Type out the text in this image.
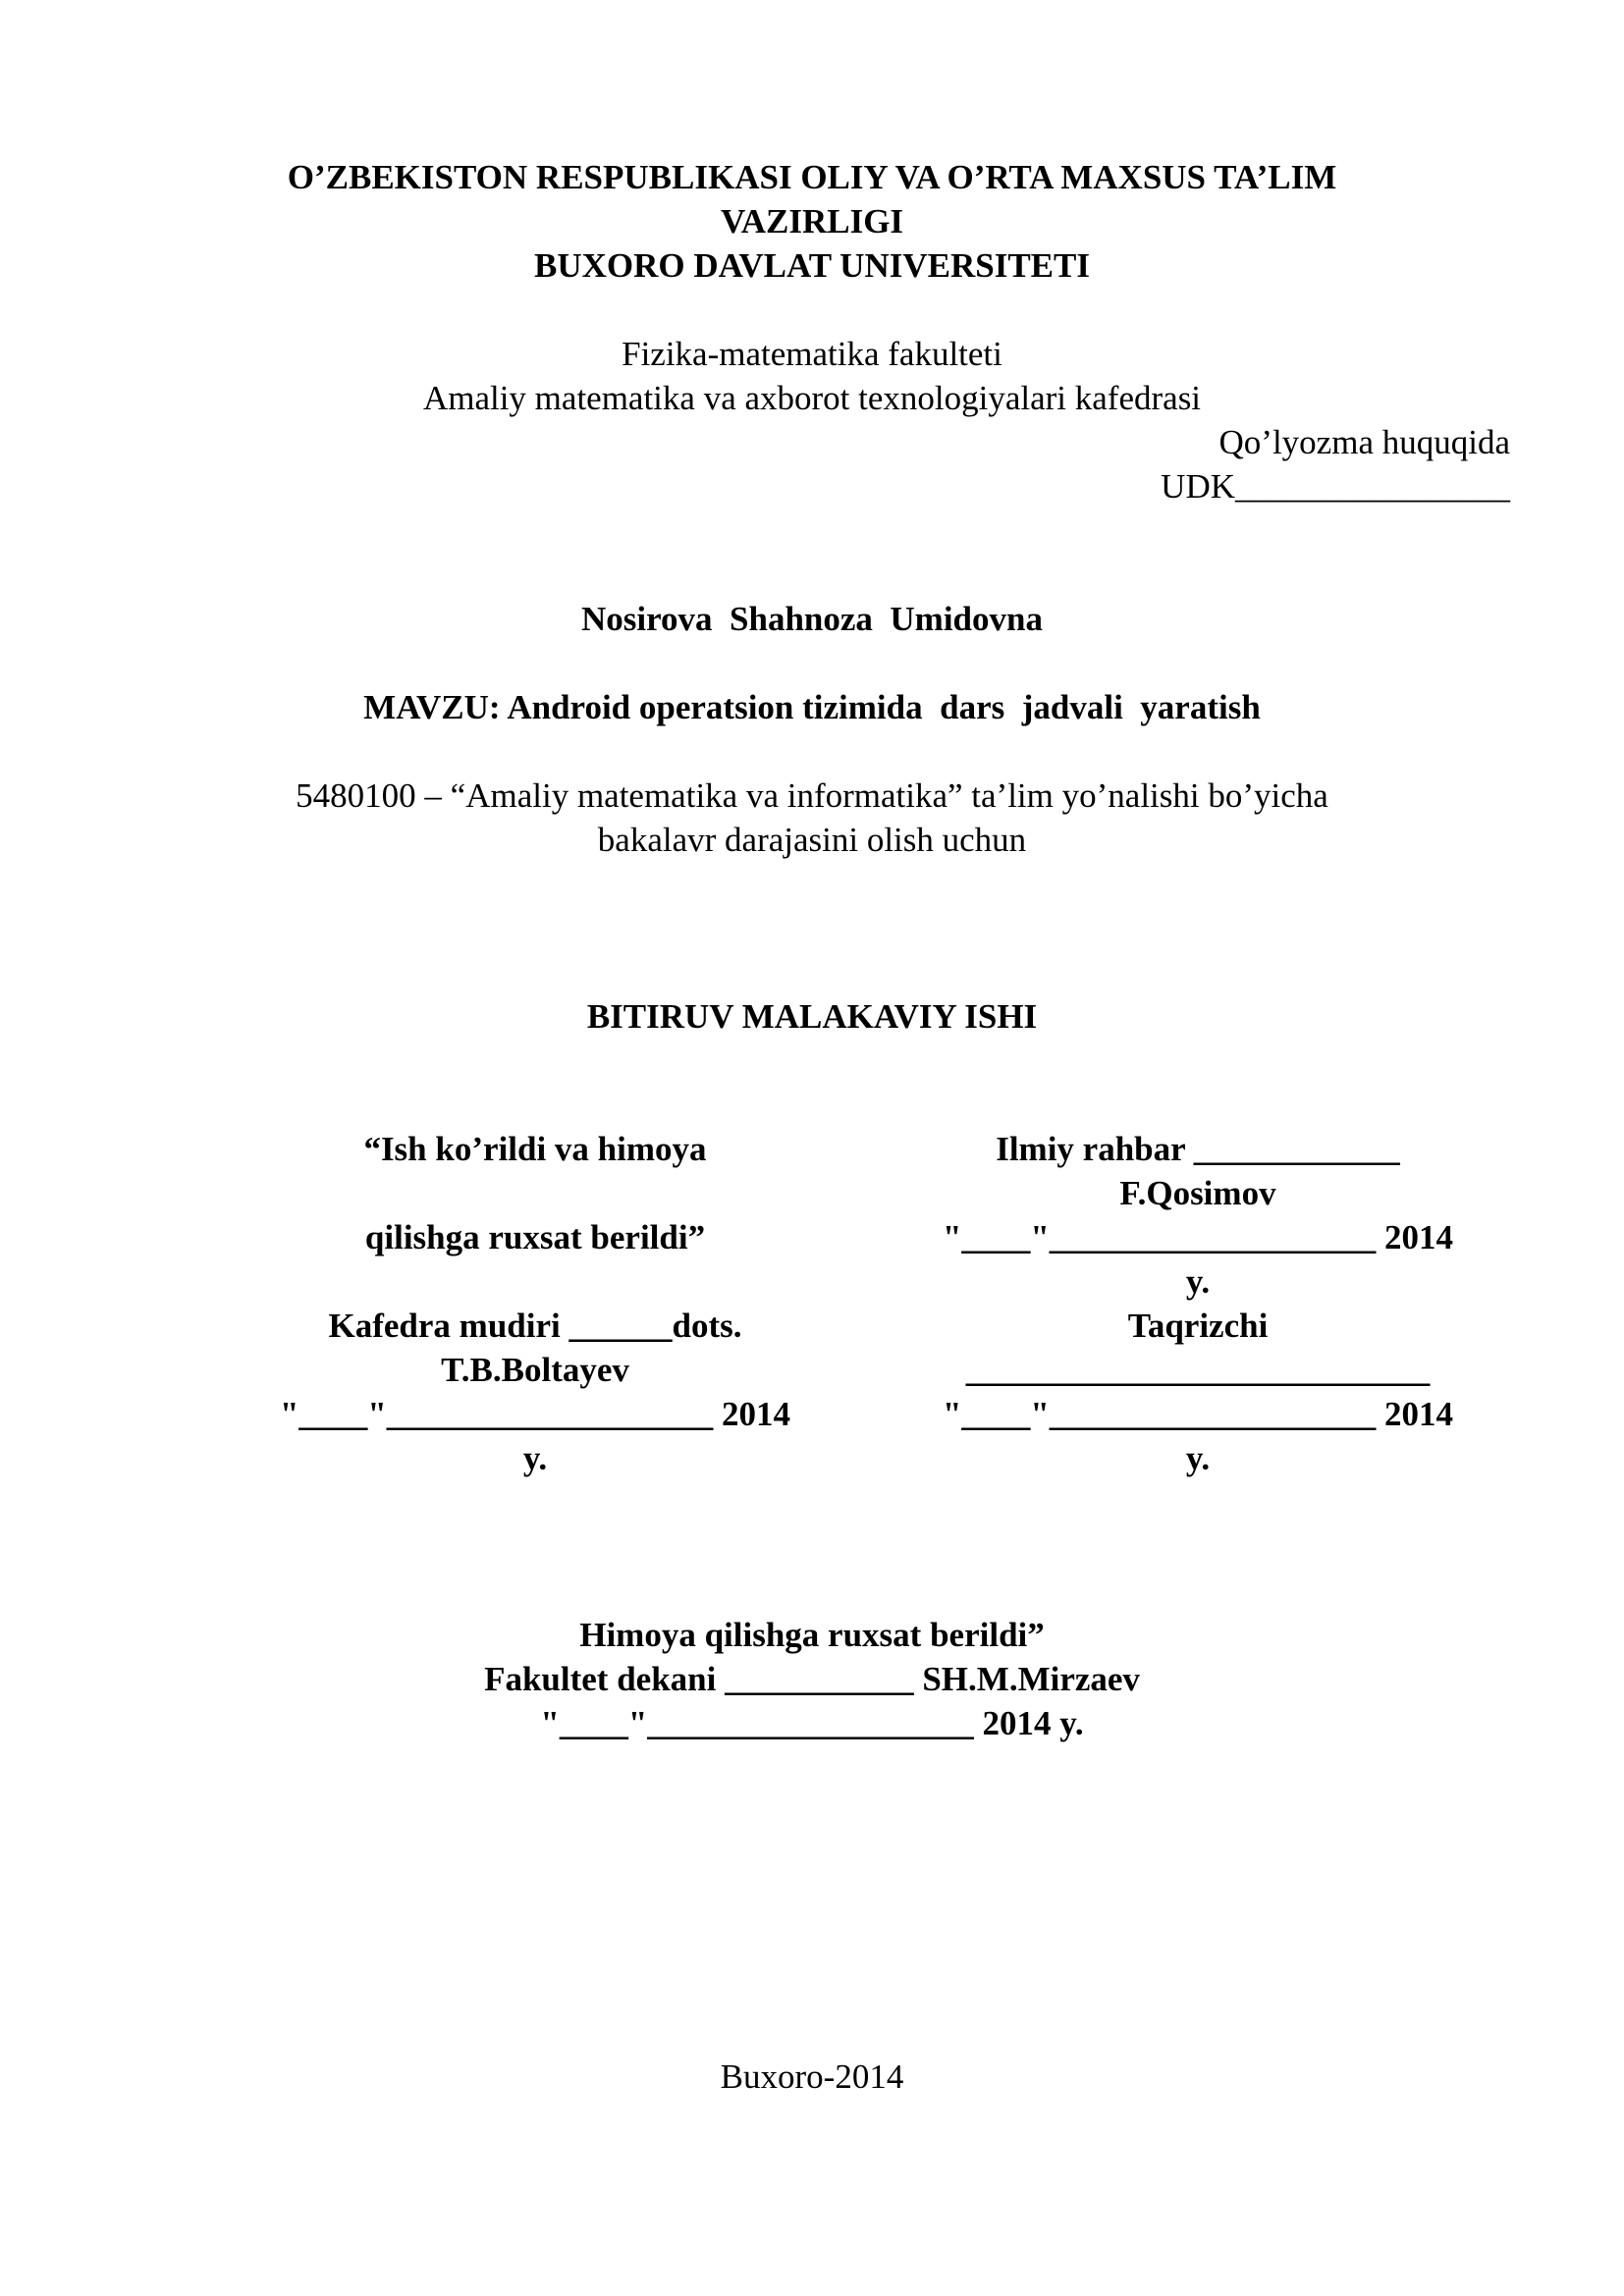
O’ZBEKISTON RESPUBLIKASI OLIY VA O’RTA MAXSUS TA’LIM
VAZIRLIGI
BUXORO DAVLAT UNIVERSITETI
Fizika-matematika fakulteti
Amaliy matematika va axborot texnologiyalari kafedrasi
Qo’lyozma huquqida
UDK________________
Nosirova  Shahnoza  Umidovna
MAVZU: Android operatsion tizimida  dars  jadvali  yaratish
5480100 – “Amaliy matematika va informatika” ta’lim yo’nalishi bo’yicha
bakalavr darajasini olish uchun
BITIRUV MALAKAVIY ISHI
“Ish ko’rildi va himoya
qilishga ruxsat berildi”
Kafedra mudiri ______dots.
T.B.Boltayev
"____"___________________ 2014
y.
Ilmiy rahbar ____________
F.Qosimov
"____"___________________ 2014
y.
Taqrizchi
___________________________
"____"___________________ 2014
y.
Himoya qilishga ruxsat berildi”
Fakultet dekani ___________ SH.M.Mirzaev
"____"___________________ 2014 y.
Buxoro-2014
